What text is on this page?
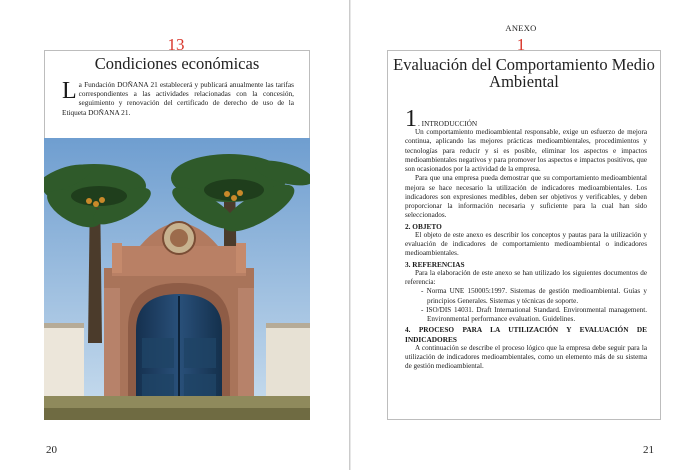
13
Condiciones económicas
La Fundación DOÑANA 21 establecerá y publicará anualmente las tarifas correspondientes a las actividades relacionadas con la concesión, seguimiento y renovación del certificado de derecho de uso de la Etiqueta DOÑANA 21.
20
ANEXO
1
Evaluación del Comportamiento Medio Ambiental
1 . INTRODUCCIÓN

Un comportamiento medioambiental responsable, exige un esfuerzo de mejora continua, aplicando las mejores prácticas medioambientales, procedimientos y tecnologías para reducir y si es posible, eliminar los aspectos e impactos medioambientales negativos y para promover los aspectos e impactos positivos, que son ocasionados por la actividad de la empresa.

Para que una empresa pueda demostrar que su comportamiento medioambiental mejora se hace necesario la utilización de indicadores medioambientales. Los indicadores son expresiones medibles, deben ser objetivos y verificables, y deben proporcionar la información necesaria y suficiente para la cual han sido seleccionados.

2. OBJETO

El objeto de este anexo es describir los conceptos y pautas para la utilización y evaluación de indicadores de comportamiento medioambiental o indicadores medioambientales.

3. REFERENCIAS

Para la elaboración de este anexo se han utilizado los siguientes documentos de referencia:

- Norma UNE 150005:1997. Sistemas de gestión medioambiental. Guías y principios Generales. Sistemas y técnicas de soporte.
- ISO/DIS 14031. Draft International Standard. Environmental management. Environmental performance evaluation. Guidelines.
4. PROCESO PARA LA UTILIZACIÓN Y EVALUACIÓN DE INDICADORES

A continuación se describe el proceso lógico que la empresa debe seguir para la utilización de indicadores medioambientales, como un elemento más de su sistema de gestión medioambiental.

21
